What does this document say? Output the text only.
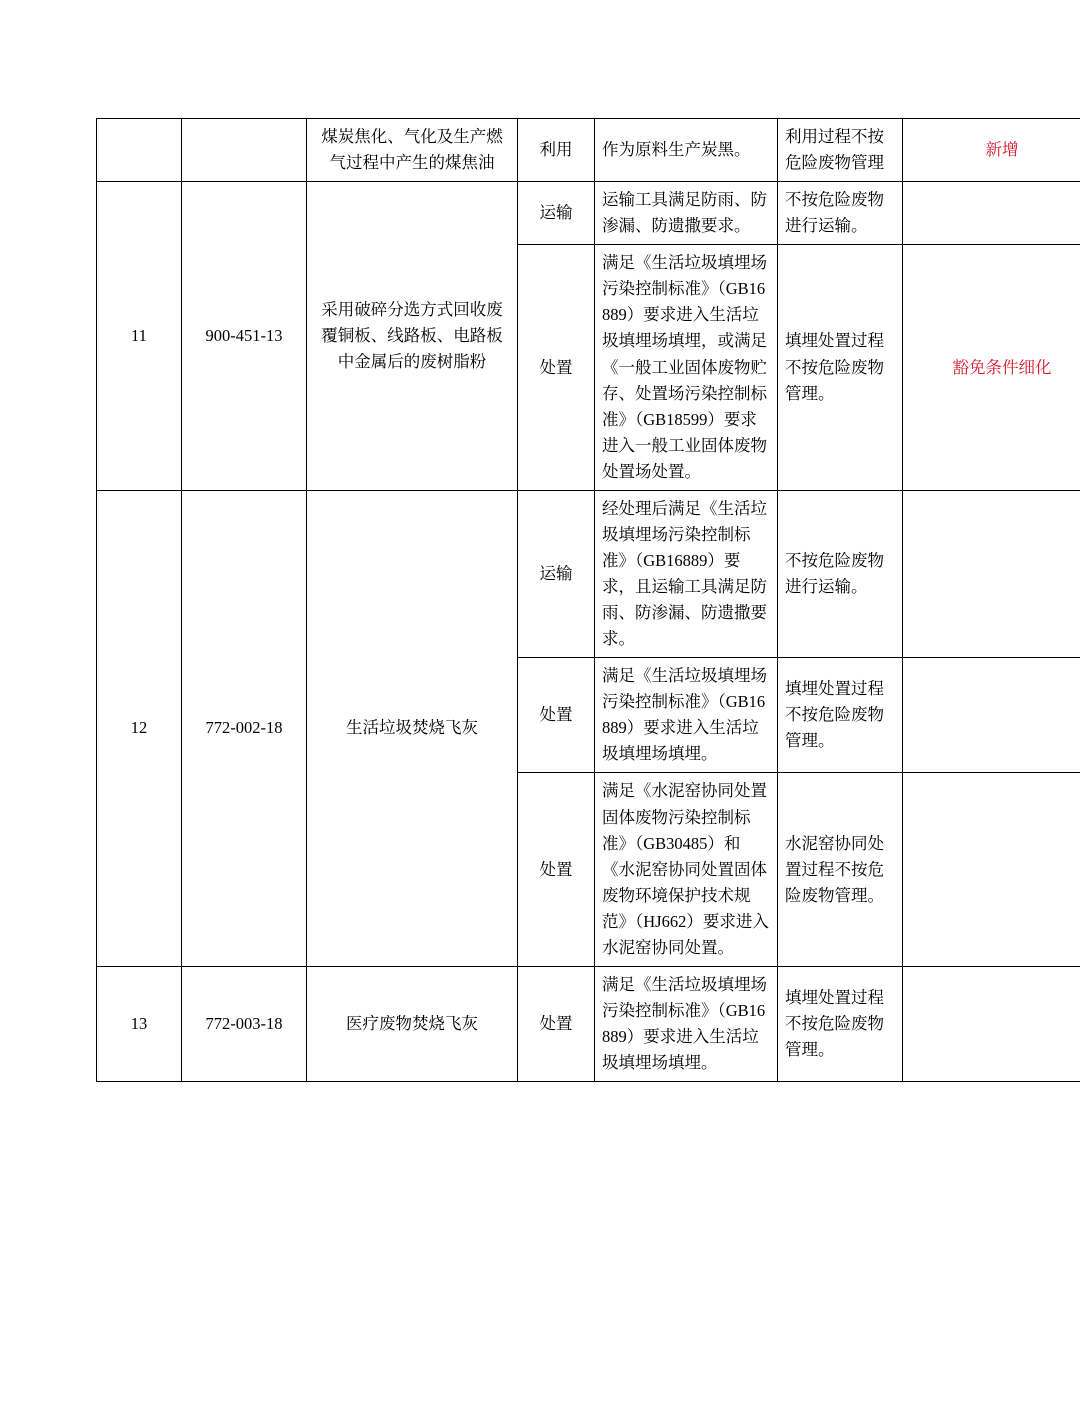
		煤炭焦化、气化及生产燃气过程中产生的煤焦油	利用	作为原料生产炭黑。	利用过程不按危险废物管理	新增
11	900-451-13	采用破碎分选方式回收废覆铜板、线路板、电路板中金属后的废树脂粉	运输	运输工具满足防雨、防渗漏、防遗撒要求。	不按危险废物进行运输。	
			处置	满足《生活垃圾填埋场污染控制标准》（GB16889）要求进入生活垃圾填埋场填埋，或满足《一般工业固体废物贮存、处置场污染控制标准》（GB18599）要求进入一般工业固体废物处置场处置。	填埋处置过程不按危险废物管理。	豁免条件细化
12	772-002-18	生活垃圾焚烧飞灰	运输	经处理后满足《生活垃圾填埋场污染控制标准》（GB16889）要求，且运输工具满足防雨、防渗漏、防遗撒要求。	不按危险废物进行运输。	
			处置	满足《生活垃圾填埋场污染控制标准》（GB16889）要求进入生活垃圾填埋场填埋。	填埋处置过程不按危险废物管理。	
			处置	满足《水泥窑协同处置固体废物污染控制标准》（GB30485）和《水泥窑协同处置固体废物环境保护技术规范》（HJ662）要求进入水泥窑协同处置。	水泥窑协同处置过程不按危险废物管理。	
13	772-003-18	医疗废物焚烧飞灰	处置	满足《生活垃圾填埋场污染控制标准》（GB16889）要求进入生活垃圾填埋场填埋。	填埋处置过程不按危险废物管理。	
